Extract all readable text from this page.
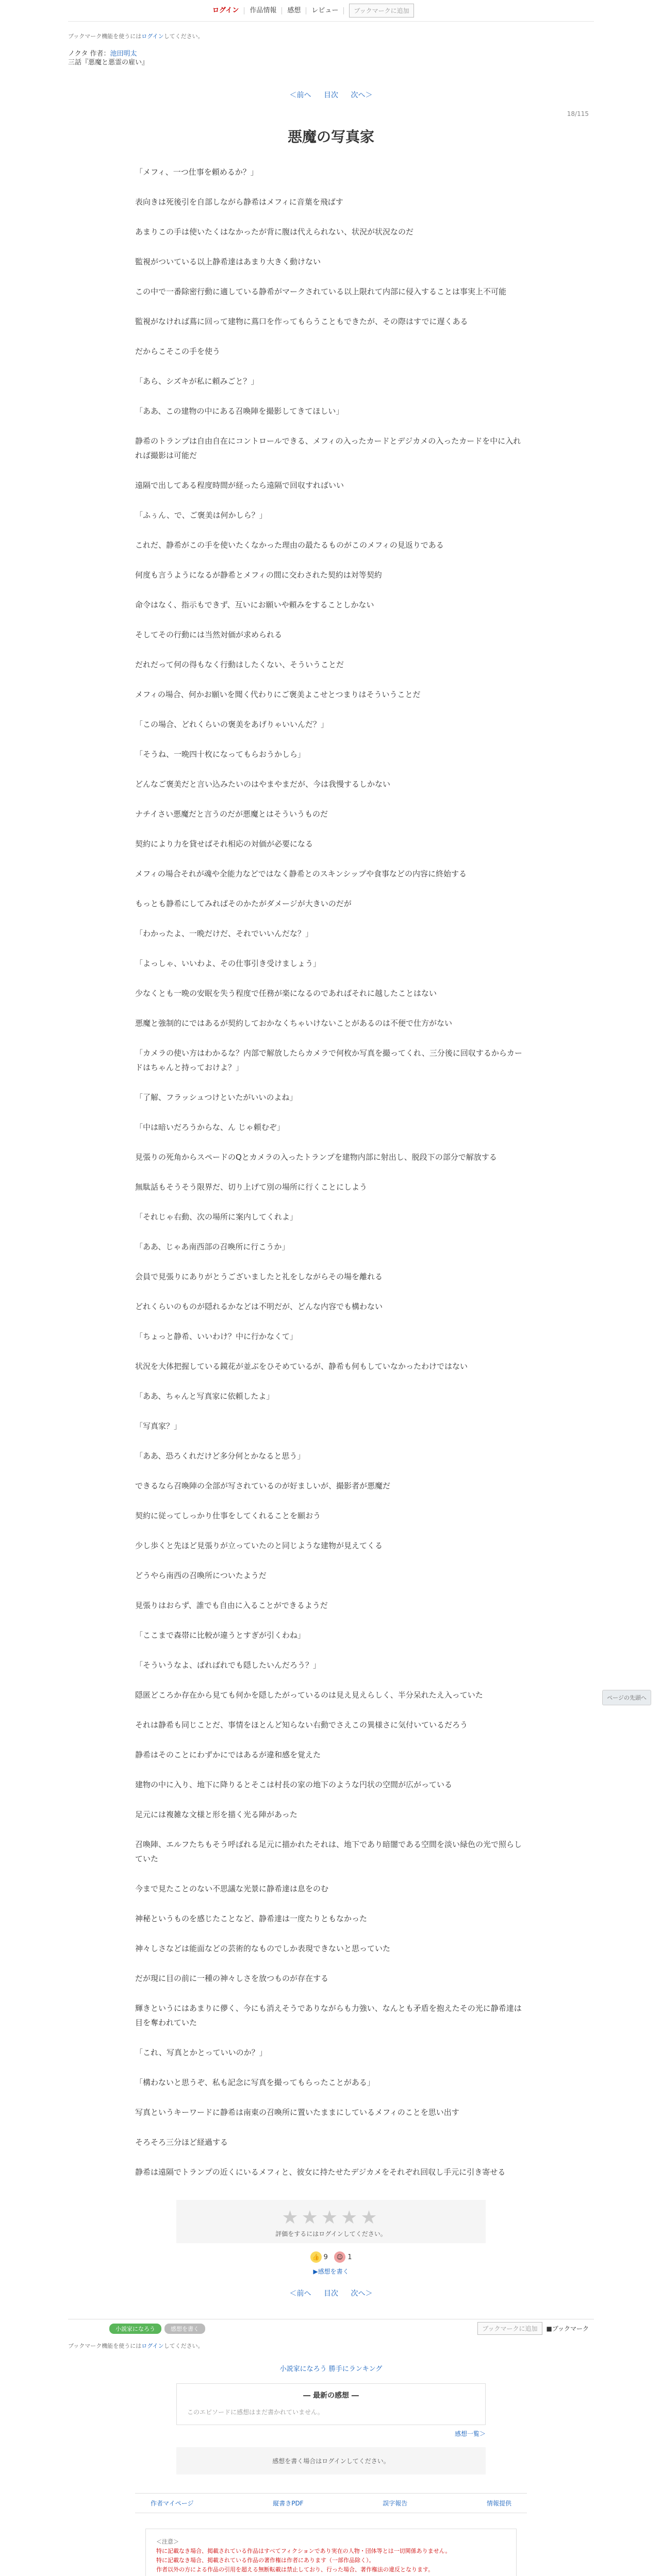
ログイン	作品情報	感想	レビュー	ブックマークに追加

ブックマーク機能を使うにはログインしてください。

ノクタ 作者：池田明太
三話『悪魔と悪霊の雇い』
＜前へ 目次 次へ＞
18/115
悪魔の写真家

「メフィ、一つ仕事を頼めるか？」

表向きは死後引を自部しながら静希はメフィに音葉を飛ばす

あまりこの手は使いたくはなかったが背に腹は代えられない、状況が状況なのだ

監視がついている以上静希達はあまり大きく動けない

この中で一番除密行動に適している静希がマークされている以上限れて内部に侵入することは事実上不可能

監視がなければ蔦に回って建物に蔦口を作ってもらうこともできたが、その際はすでに遅くある

だからこそこの手を使う

「あら、シズキが私に頼みごと？」

「ああ、この建物の中にある召喚陣を撮影してきてほしい」

静希のトランプは自由自在にコントロールできる、メフィの入ったカードとデジカメの入ったカードを中に入れれば撮影は可能だ

遠隔で出してある程度時間が経ったら遠隔で回収すればいい

「ふぅん、で、ご褒美は何かしら？」

これだ、静希がこの手を使いたくなかった理由の最たるものがこのメフィの見返りである

何度も言うようになるが静希とメフィの間に交わされた契約は対等契約

命令はなく、指示もできず、互いにお願いや頼みをすることしかない

そしてその行動には当然対価が求められる

だれだって何の得もなく行動はしたくない、そういうことだ

メフィの場合、何かお願いを聞く代わりにご褒美よこせとつまりはそういうことだ

「この場合、どれくらいの褒美をあげりゃいいんだ？」

「そうね、一晩四十枚になってもらおうかしら」

どんなご褒美だと言い込みたいのはやまやまだが、今は我慢するしかない

ナチイさい悪魔だと言うのだが悪魔とはそういうものだ

契約により力を貸せばそれ相応の対価が必要になる

メフィの場合それが魂や全能力などではなく静希とのスキンシップや食事などの内容に終始する

もっとも静希にしてみればそのかたがダメージが大きいのだが

「わかったよ、一晩だけだ、それでいいんだな？」

「よっしゃ、いいわよ、その仕事引き受けましょう」

少なくとも一晩の安眠を失う程度で任務が楽になるのであればそれに越したことはない

悪魔と強制的にではあるが契約しておかなくちゃいけないことがあるのは不便で仕方がない

「カメラの使い方はわかるな？内部で解放したらカメラで何枚か写真を撮ってくれ、三分後に回収するからカードはちゃんと持っておけよ？」

「了解、フラッシュつけといたがいいのよね」

「中は暗いだろうからな、ん じゃ頼むぞ」

見張りの死角からスペードのQとカメラの入ったトランプを建物内部に射出し、脱段下の部分で解放する

無駄話もそうそう限界だ、切り上げて別の場所に行くことにしよう

「それじゃ右動、次の場所に案内してくれよ」

「ああ、じゃあ南西部の召喚所に行こうか」

会員で見張りにありがとうございましたと礼をしながらその場を離れる

どれくらいのものが隠れるかなどは不明だが、どんな内容でも構わない

「ちょっと静希、いいわけ？中に行かなくて」

状況を大体把握している鏡花が並ぶをひそめているが、静希も何もしていなかったわけではない

「ああ、ちゃんと写真家に依頼したよ」

「写真家？」

「ああ、恐ろくれだけど多分何とかなると思う」

できるなら召喚陣の全部が写されているのが好ましいが、撮影者が悪魔だ

契約に従ってしっかり仕事をしてくれることを願おう

少し歩くと先ほど見張りが立っていたのと同じような建物が見えてくる

どうやら南西の召喚所についたようだ

見張りはおらず、誰でも自由に入ることができるようだ

「ここまで森帯に比較が違うとすぎが引くわね」

「そういうなよ、ばればれでも隠したいんだろう？」

隠匿どころか存在から見ても何かを隠したがっているのは見え見えらしく、半分呆れたえ入っていた

それは静希も同じことだ、事情をほとんど知らない右動でさえこの異様さに気付いているだろう

静希はそのことにわずかにではあるが違和感を覚えた

建物の中に入り、地下に降りるとそこは村長の家の地下のような円状の空間が広がっている

足元には複雑な文様と形を描く光る陣があった

召喚陣、エルフたちもそう呼ばれる足元に描かれたそれは、地下であり暗闇である空間を淡い緑色の光で照らしていた

今まで見たことのない不思議な光景に静希達は息をのむ

神秘というものを感じたことなど、静希達は一度たりともなかった

神々しさなどは能面などの芸術的なものでしか表現できないと思っていた

だが現に目の前に一種の神々しさを放つものが存在する

輝きというにはあまりに儚く、今にも消えそうでありながらも力強い、なんとも矛盾を抱えたその光に静希達は目を奪われていた

「これ、写真とかとっていいのか？」

「構わないと思うぞ、私も記念に写真を撮ってもらったことがある」

写真というキーワードに静希は南東の召喚所に置いたままにしているメフィのことを思い出す

そろそろ三分ほど経過する

静希は遠隔でトランプの近くにいるメフィと、彼女に持たせたデジカメをそれぞれ回収し手元に引き寄せる

★★★★★
評価をするにはログインしてください。
👍 9 ☺ 1
▶感想を書く
＜前へ 目次 次へ＞
小説家になろう	感想を書く	ブックマークに追加	■ブックマーク

ブックマーク機能を使うにはログインしてください。

小説家になろう 勝手にランキング
― 最新の感想 ―

このエピソードに感想はまだ書かれていません。

感想一覧＞
感想を書く場合はログインしてください。
作者マイページ	縦書きPDF	誤字報告	情報提供
＜注意＞
特に記載なき場合、掲載されている作品はすべてフィクションであり実在の人物・団体等とは一切関係ありません。
特に記載なき場合、掲載されている作品の著作権は作者にあります（一部作品除く）。
作者以外の方による作品の引用を超える無断転載は禁止しており、行った場合、著作権法の違反となります。
ページの先頭へ
